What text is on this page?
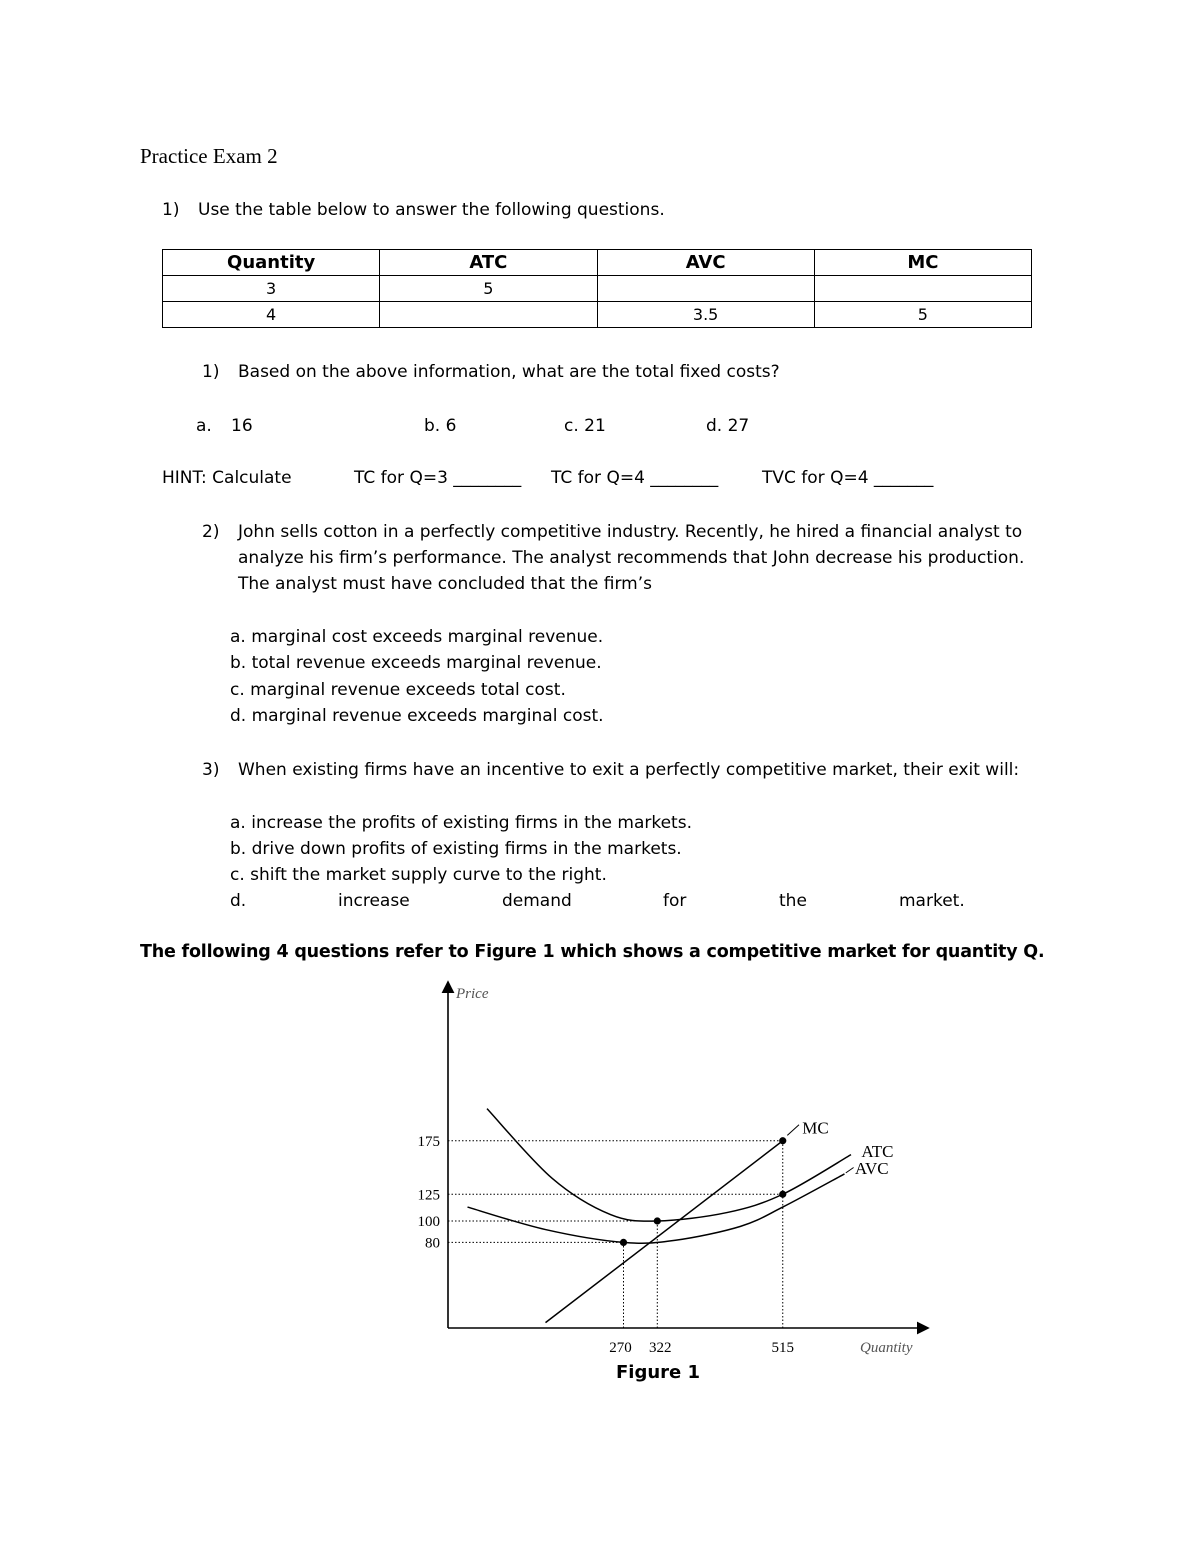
Practice Exam 2
1) Use the table below to answer the following questions.
Quantity	ATC	AVC	MC
3	5		
4		3.5	5
1) Based on the above information, what are the total fixed costs?
a. 16	b. 6	c. 21	d. 27
HINT: Calculate	TC for Q=3 ________ TC for Q=4 ________	TVC for Q=4 _______
2) John sells cotton in a perfectly competitive industry. Recently, he hired a financial analyst to
analyze his firm’s performance. The analyst recommends that John decrease his production.
The analyst must have concluded that the firm’s
a. marginal cost exceeds marginal revenue.
b. total revenue exceeds marginal revenue.
c. marginal revenue exceeds total cost.
d. marginal revenue exceeds marginal cost.
3) When existing firms have an incentive to exit a perfectly competitive market, their exit will:
a. increase the profits of existing firms in the markets.
b. drive down profits of existing firms in the markets.
c. shift the market supply curve to the right.
d.	increase	demand	for	the	market.
The following 4 questions refer to Figure 1 which shows a competitive market for quantity Q.
175
125
100
80
270 322	515
MC
ATC
AVC
Price
Quantity
Figure 1
